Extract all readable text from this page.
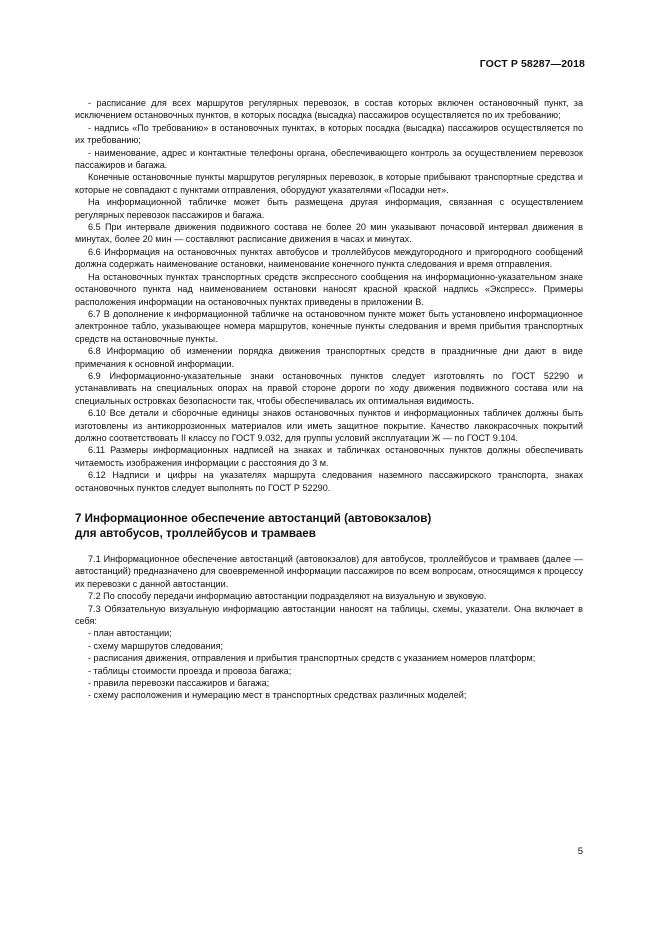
ГОСТ Р 58287—2018

- расписание для всех маршрутов регулярных перевозок, в состав которых включен остановочный пункт, за исключением остановочных пунктов, в которых посадка (высадка) пассажиров осуществляется по их требованию;

- надпись «По требованию» в остановочных пунктах, в которых посадка (высадка) пассажиров осуществляется по их требованию;

- наименование, адрес и контактные телефоны органа, обеспечивающего контроль за осуществлением перевозок пассажиров и багажа.

Конечные остановочные пункты маршрутов регулярных перевозок, в которые прибывают транспортные средства и которые не совпадают с пунктами отправления, оборудуют указателями «Посадки нет».

На информационной табличке может быть размещена другая информация, связанная с осуществлением регулярных перевозок пассажиров и багажа.

6.5 При интервале движения подвижного состава не более 20 мин указывают почасовой интервал движения в минутах, более 20 мин — составляют расписание движения в часах и минутах.

6.6 Информация на остановочных пунктах автобусов и троллейбусов междугородного и пригородного сообщений должна содержать наименование остановки, наименование конечного пункта следования и время отправления.

На остановочных пунктах транспортных средств экспрессного сообщения на информационно-указательном знаке остановочного пункта над наименованием остановки наносят красной краской надпись «Экспресс». Примеры расположения информации на остановочных пунктах приведены в приложении В.

6.7 В дополнение к информационной табличке на остановочном пункте может быть установлено информационное электронное табло, указывающее номера маршрутов, конечные пункты следования и время прибытия транспортных средств на остановочные пункты.

6.8 Информацию об изменении порядка движения транспортных средств в праздничные дни дают в виде примечания к основной информации.

6.9 Информационно-указательные знаки остановочных пунктов следует изготовлять по ГОСТ 52290 и устанавливать на специальных опорах на правой стороне дороги по ходу движения подвижного состава или на специальных островках безопасности так, чтобы обеспечивалась их оптимальная видимость.

6.10 Все детали и сборочные единицы знаков остановочных пунктов и информационных табличек должны быть изготовлены из антикоррозионных материалов или иметь защитное покрытие. Качество лакокрасочных покрытий должно соответствовать II классу по ГОСТ 9.032, для группы условий эксплуатации Ж — по ГОСТ 9.104.

6.11 Размеры информационных надписей на знаках и табличках остановочных пунктов должны обеспечивать читаемость изображения информации с расстояния до 3 м.

6.12 Надписи и цифры на указателях маршрута следования наземного пассажирского транспорта, знаках остановочных пунктов следует выполнять по ГОСТ Р 52290.

7 Информационное обеспечение автостанций (автовокзалов)
для автобусов, троллейбусов и трамваев

7.1 Информационное обеспечение автостанций (автовокзалов) для автобусов, троллейбусов и трамваев (далее — автостанций) предназначено для своевременной информации пассажиров по всем вопросам, относящимся к процессу их перевозки с данной автостанции.

7.2 По способу передачи информацию автостанции подразделяют на визуальную и звуковую.

7.3 Обязательную визуальную информацию автостанции наносят на таблицы, схемы, указатели. Она включает в себя:

- план автостанции;

- схему маршрутов следования;

- расписания движения, отправления и прибытия транспортных средств с указанием номеров платформ;

- таблицы стоимости проезда и провоза багажа;

- правила перевозки пассажиров и багажа;

- схему расположения и нумерацию мест в транспортных средствах различных моделей;

5
